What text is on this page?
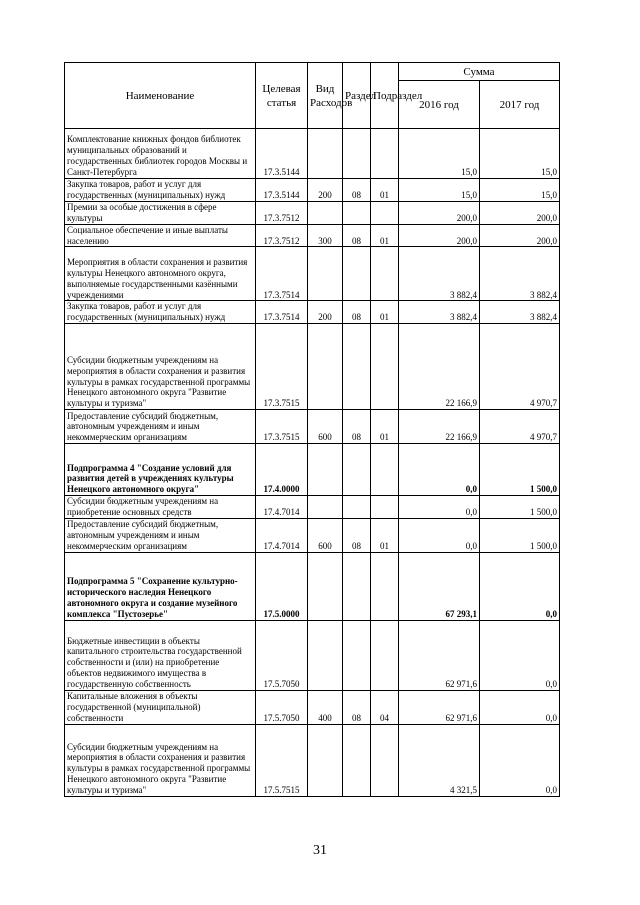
Наименование	Целевая статья	Вид Расходов	Раздел	Подраздел	Сумма	
					2016 год	2017 год
Комплектование книжных фондов библиотек муниципальных образований и государственных библиотек городов Москвы и Санкт-Петербурга	17.3.5144				15,0	15,0
Закупка товаров, работ и услуг для государственных (муниципальных) нужд	17.3.5144	200	08	01	15,0	15,0
Премии за особые достижения в сфере культуры	17.3.7512				200,0	200,0
Социальное обеспечение и иные выплаты населению	17.3.7512	300	08	01	200,0	200,0
Мероприятия в области сохранения и развития культуры Ненецкого автономного округа, выполняемые государственными казёнными учреждениями	17.3.7514				3 882,4	3 882,4
Закупка товаров, работ и услуг для государственных (муниципальных) нужд	17.3.7514	200	08	01	3 882,4	3 882,4
Субсидии бюджетным учреждениям на мероприятия в области сохранения и развития культуры в рамках государственной программы Ненецкого автономного округа "Развитие культуры и туризма"	17.3.7515				22 166,9	4 970,7
Предоставление субсидий бюджетным, автономным учреждениям и иным некоммерческим организациям	17.3.7515	600	08	01	22 166,9	4 970,7
Подпрограмма 4 "Создание условий для развития детей в учреждениях культуры Ненецкого автономного округа"	17.4.0000				0,0	1 500,0
Субсидии бюджетным учреждениям на приобретение основных средств	17.4.7014				0,0	1 500,0
Предоставление субсидий бюджетным, автономным учреждениям и иным некоммерческим организациям	17.4.7014	600	08	01	0,0	1 500,0
Подпрограмма 5 "Сохранение культурно-исторического наследия Ненецкого автономного округа и создание музейного комплекса "Пустозерье"	17.5.0000				67 293,1	0,0
Бюджетные инвестиции в объекты капитального строительства государственной собственности и (или) на приобретение объектов недвижимого имущества в государственную собственность	17.5.7050				62 971,6	0,0
Капитальные вложения в объекты государственной (муниципальной) собственности	17.5.7050	400	08	04	62 971,6	0,0
Субсидии бюджетным учреждениям на мероприятия в области сохранения и развития культуры в рамках государственной программы Ненецкого автономного округа "Развитие культуры и туризма"	17.5.7515				4 321,5	0,0
31
